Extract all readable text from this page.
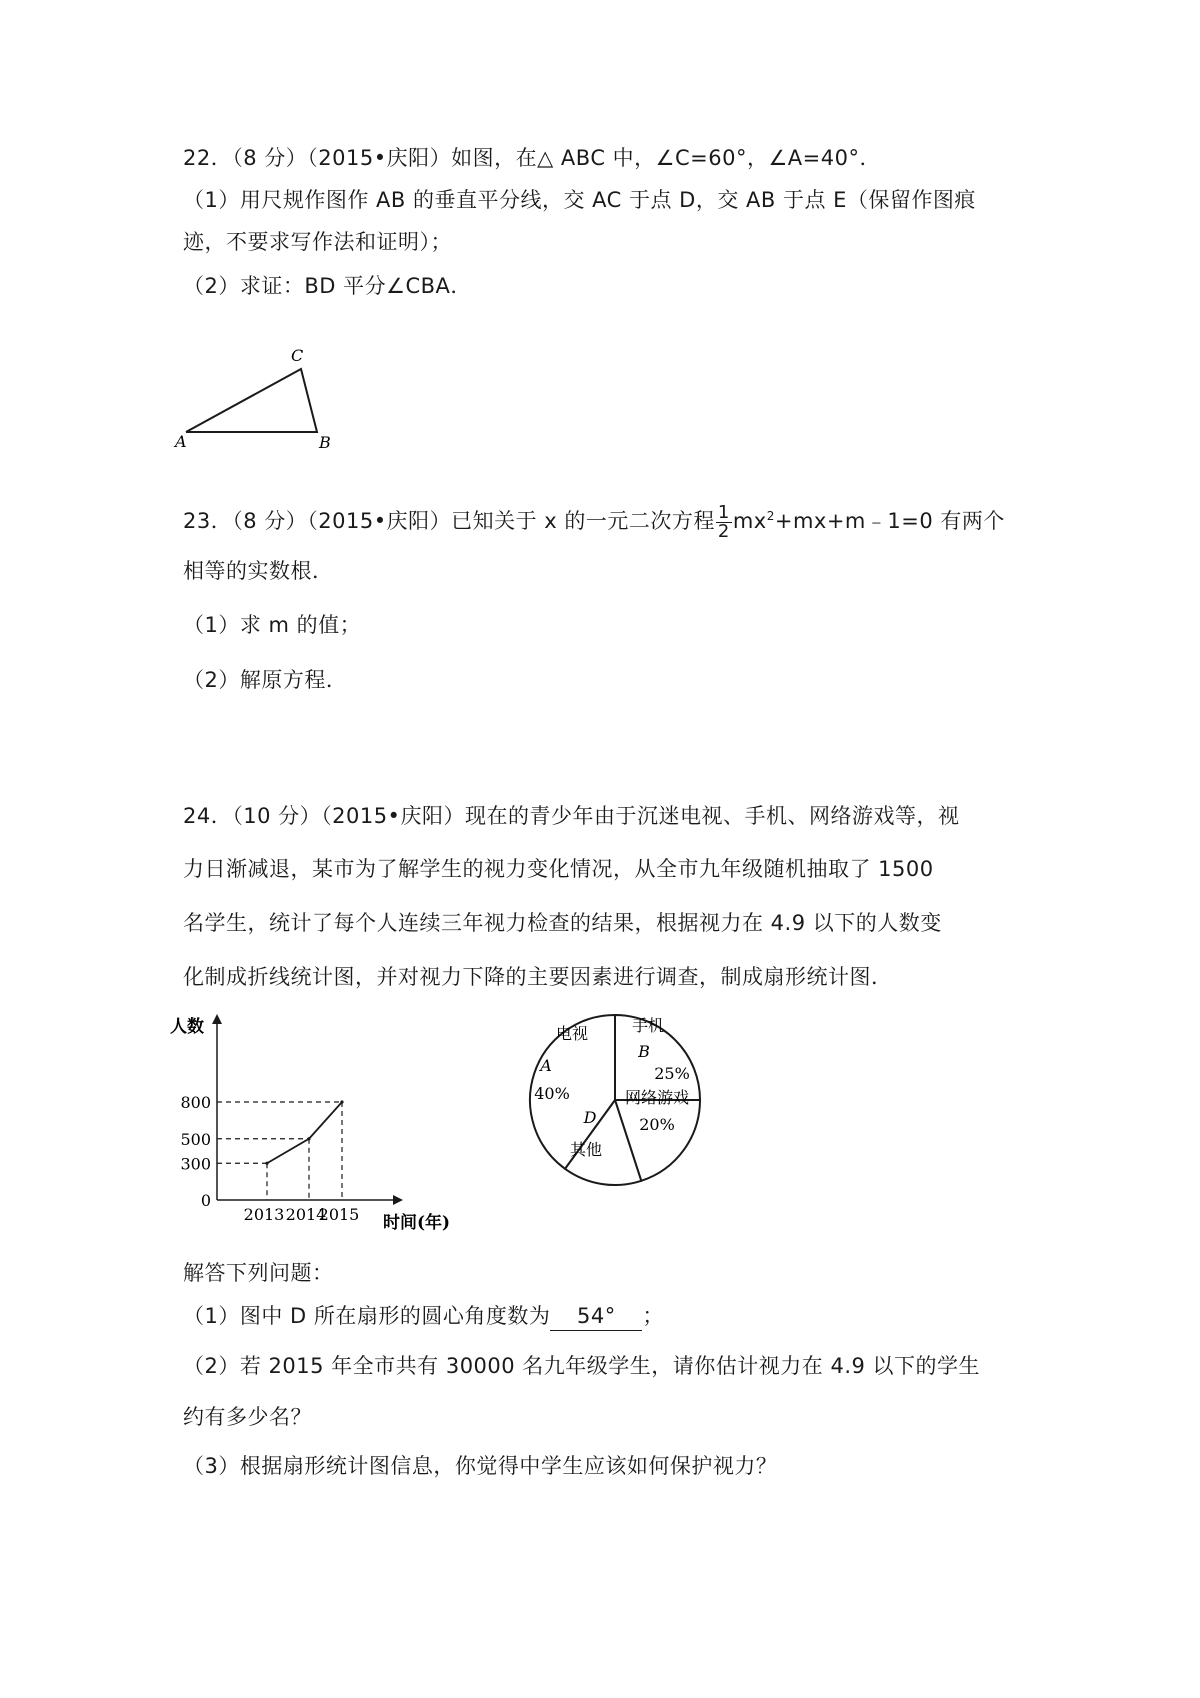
22．（8 分）（2015•庆阳）如图，在△ ABC 中，∠C=60°，∠A=40°．
（1）用尺规作图作 AB 的垂直平分线，交 AC 于点 D，交 AB 于点 E（保留作图痕
迹，不要求写作法和证明）；
（2）求证：BD 平分∠CBA．
A	B
C
23．（8 分）（2015•庆阳）已知关于 x 的一元二次方程 $\frac{1}{2}$ $mx^2+mx+m﹣1=0$ 有两个
相等的实数根．
（1）求 m 的值；
（2）解原方程．
24．（10 分）（2015•庆阳）现在的青少年由于沉迷电视、手机、网络游戏等，视
力日渐减退，某市为了解学生的视力变化情况，从全市九年级随机抽取了 1500
名学生，统计了每个人连续三年视力检查的结果，根据视力在 4.9 以下的人数变
化制成折线统计图，并对视力下降的主要因素进行调查，制成扇形统计图．
人数
时间(年)
0
300
500
800
2013 2014
2015
电视
A
40%
手机
B
25%
网络游戏
20%
D
其他
解答下列问题：
（1）图中 D 所在扇形的圆心角度数为 54° ；
（2）若 2015 年全市共有 30000 名九年级学生，请你估计视力在 4.9 以下的学生
约有多少名？
（3）根据扇形统计图信息，你觉得中学生应该如何保护视力？
